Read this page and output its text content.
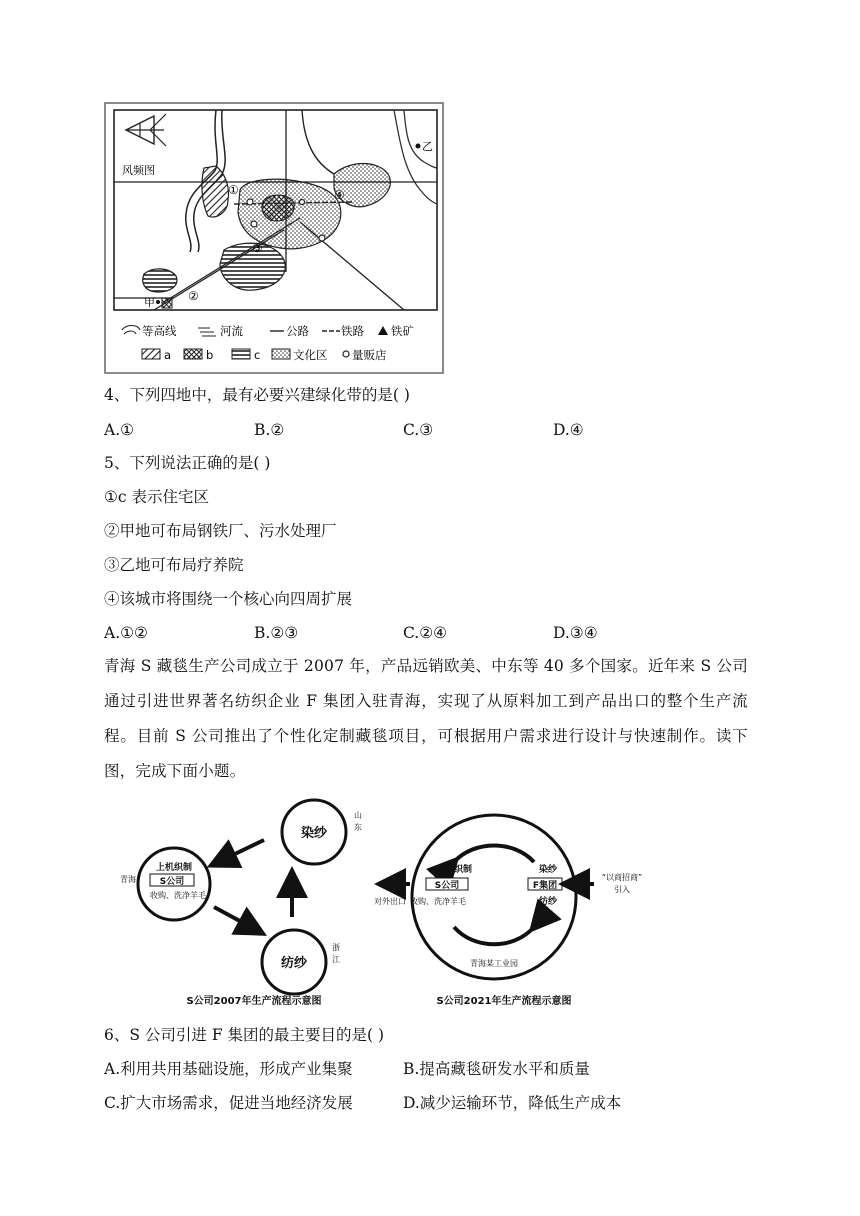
风频图
乙
①
②
③
④
甲
等高线	河流	公路	铁路 铁矿
a	b	c	文化区 量贩店
4、下列四地中，最有必要兴建绿化带的是( )
A.①	B.②	C.③	D.④
5、下列说法正确的是( )
①c 表示住宅区
②甲地可布局钢铁厂、污水处理厂
③乙地可布局疗养院
④该城市将围绕一个核心向四周扩展
A.①②	B.②③	C.②④	D.③④
青海 S 藏毯生产公司成立于 2007 年，产品远销欧美、中东等 40 多个国家。近年来 S 公司通过引进世界著名纺织企业 F 集团入驻青海，实现了从原料加工到产品出口的整个生产流程。目前 S 公司推出了个性化定制藏毯项目，可根据用户需求进行设计与快速制作。读下图，完成下面小题。
染纱
山
东
上机织制
S公司
收购、洗净羊毛
青海
纺纱
浙
江
S公司2007年生产流程示意图
上机织制
S公司
收购、洗净羊毛
染纱
F集团
纺纱
对外出口
“以商招商”
引入
青海某工业园
S公司2021年生产流程示意图
6、S 公司引进 F 集团的最主要目的是( )
A.利用共用基础设施，形成产业集聚	B.提高藏毯研发水平和质量
C.扩大市场需求，促进当地经济发展	D.减少运输环节，降低生产成本
